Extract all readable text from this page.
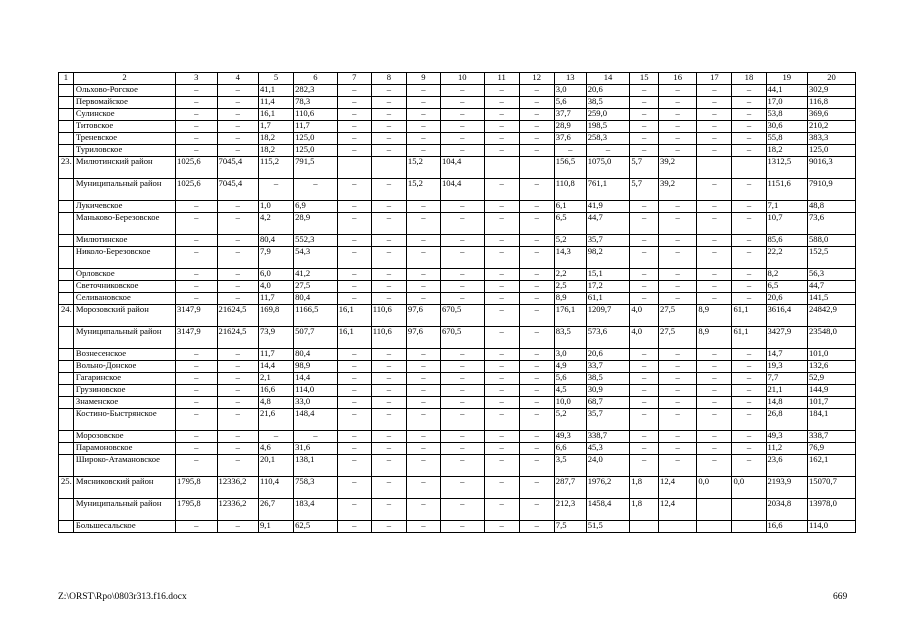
1	2	3	4	5	6	7	8	9	10	11	12	13	14	15	16	17	18	19	20
	Ольхово-Рогское	–	–	41,1	282,3	–	–	–	–	–	–	3,0	20,6	–	–	–	–	44,1	302,9
	Первомайское	–	–	11,4	78,3	–	–	–	–	–	–	5,6	38,5	–	–	–	–	17,0	116,8
	Сулинское	–	–	16,1	110,6	–	–	–	–	–	–	37,7	259,0	–	–	–	–	53,8	369,6
	Титовское	–	–	1,7	11,7	–	–	–	–	–	–	28,9	198,5	–	–	–	–	30,6	210,2
	Треневское	–	–	18,2	125,0	–	–	–	–	–	–	37,6	258,3	–	–	–	–	55,8	383,3
	Туриловское	–	–	18,2	125,0	–	–	–	–	–	–	–	–	–	–	–	–	18,2	125,0
23.	Милютинский район	1025,6	7045,4	115,2	791,5			15,2	104,4			156,5	1075,0	5,7	39,2			1312,5	9016,3
	Муниципальный район	1025,6	7045,4	–	–	–	–	15,2	104,4	–	–	110,8	761,1	5,7	39,2	–	–	1151,6	7910,9
	Лукичевское	–	–	1,0	6,9	–	–	–	–	–	–	6,1	41,9	–	–	–	–	7,1	48,8
	Маньково-Березовское	–	–	4,2	28,9	–	–	–	–	–	–	6,5	44,7	–	–	–	–	10,7	73,6
	Милютинское	–	–	80,4	552,3	–	–	–	–	–	–	5,2	35,7	–	–	–	–	85,6	588,0
	Николо-Березовское	–	–	7,9	54,3	–	–	–	–	–	–	14,3	98,2	–	–	–	–	22,2	152,5
	Орловское	–	–	6,0	41,2	–	–	–	–	–	–	2,2	15,1	–	–	–	–	8,2	56,3
	Светочниковское	–	–	4,0	27,5	–	–	–	–	–	–	2,5	17,2	–	–	–	–	6,5	44,7
	Селивановское	–	–	11,7	80,4	–	–	–	–	–	–	8,9	61,1	–	–	–	–	20,6	141,5
24.	Морозовский район	3147,9	21624,5	169,8	1166,5	16,1	110,6	97,6	670,5	–	–	176,1	1209,7	4,0	27,5	8,9	61,1	3616,4	24842,9
	Муниципальный район	3147,9	21624,5	73,9	507,7	16,1	110,6	97,6	670,5	–	–	83,5	573,6	4,0	27,5	8,9	61,1	3427,9	23548,0
	Вознесенское	–	–	11,7	80,4	–	–	–	–	–	–	3,0	20,6	–	–	–	–	14,7	101,0
	Вольно-Донское	–	–	14,4	98,9	–	–	–	–	–	–	4,9	33,7	–	–	–	–	19,3	132,6
	Гагаринское	–	–	2,1	14,4	–	–	–	–	–	–	5,6	38,5	–	–	–	–	7,7	52,9
	Грузиновское	–	–	16,6	114,0	–	–	–	–	–	–	4,5	30,9	–	–	–	–	21,1	144,9
	Знаменское	–	–	4,8	33,0	–	–	–	–	–	–	10,0	68,7	–	–	–	–	14,8	101,7
	Костино-Быстрянское	–	–	21,6	148,4	–	–	–	–	–	–	5,2	35,7	–	–	–	–	26,8	184,1
	Морозовское	–	–	–	–	–	–	–	–	–	–	49,3	338,7	–	–	–	–	49,3	338,7
	Парамоновское	–	–	4,6	31,6	–	–	–	–	–	–	6,6	45,3	–	–	–	–	11,2	76,9
	Широко-Атамановское	–	–	20,1	138,1	–	–	–	–	–	–	3,5	24,0	–	–	–	–	23,6	162,1
25.	Мясниковский район	1795,8	12336,2	110,4	758,3	–	–	–	–	–	–	287,7	1976,2	1,8	12,4	0,0	0,0	2193,9	15070,7
	Муниципальный район	1795,8	12336,2	26,7	183,4	–	–	–	–	–	–	212,3	1458,4	1,8	12,4			2034,8	13978,0
	Большесальское	–	–	9,1	62,5	–	–	–	–	–	–	7,5	51,5					16,6	114,0
Z:\ORST\Rpo\0803r313.f16.docx	669
